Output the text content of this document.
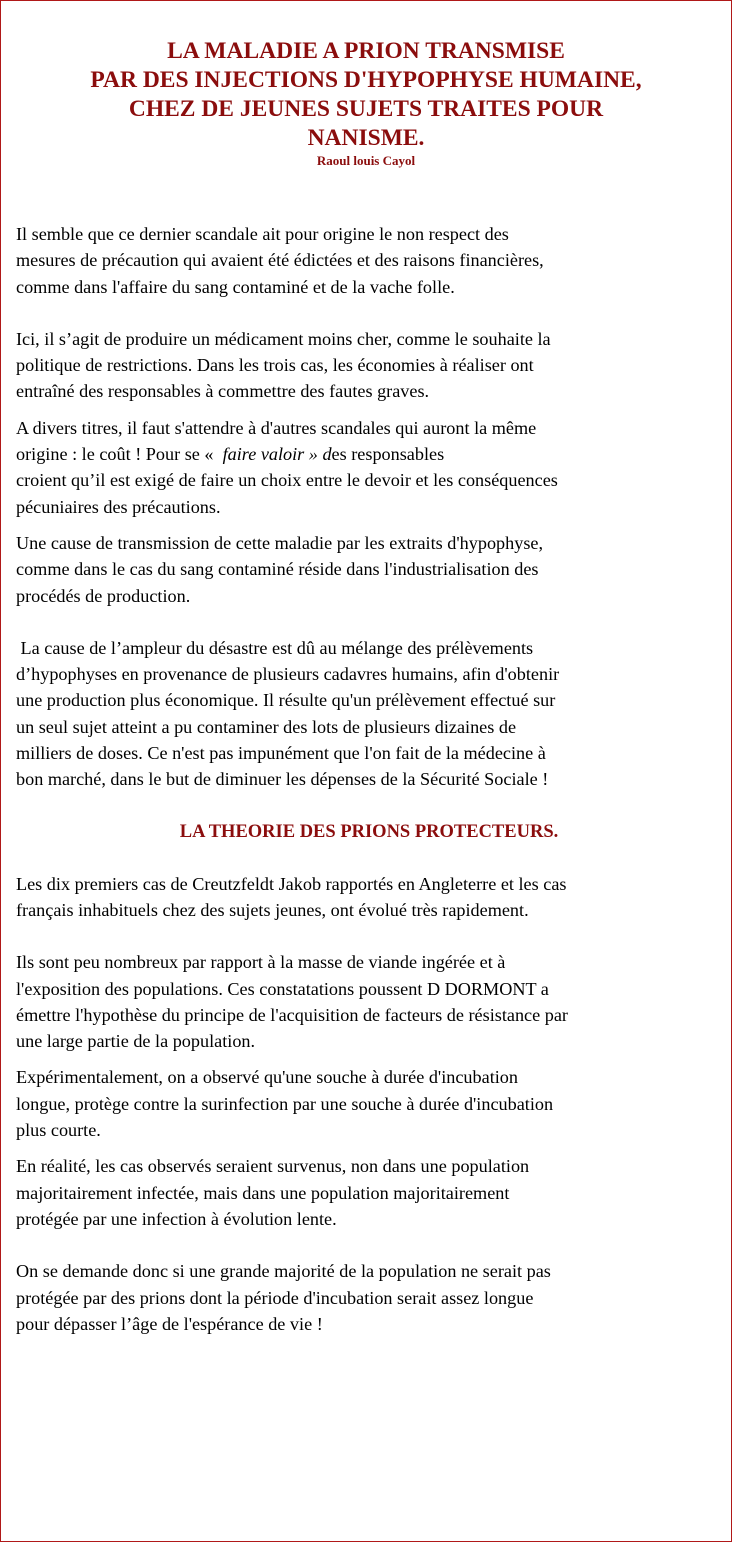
LA MALADIE A PRION TRANSMISE

PAR DES INJECTIONS D'HYPOPHYSE HUMAINE,

CHEZ DE JEUNES SUJETS TRAITES POUR

NANISME.

Raoul louis Cayol

Il semble que ce dernier scandale ait pour origine le non respect des
mesures de précaution qui avaient été édictées et des raisons financières,
comme dans l'affaire du sang contaminé et de la vache folle.
Ici, il s’agit de produire un médicament moins cher, comme le souhaite la
politique de restrictions. Dans les trois cas, les économies à réaliser ont
entraîné des responsables à commettre des fautes graves.
A divers titres, il faut s'attendre à d'autres scandales qui auront la même
origine : le coût ! Pour se «  faire valoir » des responsables
croient qu’il est exigé de faire un choix entre le devoir et les conséquences
pécuniaires des précautions.
Une cause de transmission de cette maladie par les extraits d'hypophyse,
comme dans le cas du sang contaminé réside dans l'industrialisation des
procédés de production.
La cause de l’ampleur du désastre est dû au mélange des prélèvements
d’hypophyses en provenance de plusieurs cadavres humains, afin d'obtenir
une production plus économique. Il résulte qu'un prélèvement effectué sur
un seul sujet atteint a pu contaminer des lots de plusieurs dizaines de
milliers de doses. Ce n'est pas impunément que l'on fait de la médecine à
bon marché, dans le but de diminuer les dépenses de la Sécurité Sociale !

LA THEORIE DES PRIONS PROTECTEURS.

Les dix premiers cas de Creutzfeldt Jakob rapportés en Angleterre et les cas
français inhabituels chez des sujets jeunes, ont évolué très rapidement.
Ils sont peu nombreux par rapport à la masse de viande ingérée et à
l'exposition des populations. Ces constatations poussent D DORMONT a
émettre l'hypothèse du principe de l'acquisition de facteurs de résistance par
une large partie de la population.
Expérimentalement, on a observé qu'une souche à durée d'incubation
longue, protège contre la surinfection par une souche à durée d'incubation
plus courte.
En réalité, les cas observés seraient survenus, non dans une population
majoritairement infectée, mais dans une population majoritairement
protégée par une infection à évolution lente.
On se demande donc si une grande majorité de la population ne serait pas
protégée par des prions dont la période d'incubation serait assez longue
pour dépasser l’âge de l'espérance de vie !
